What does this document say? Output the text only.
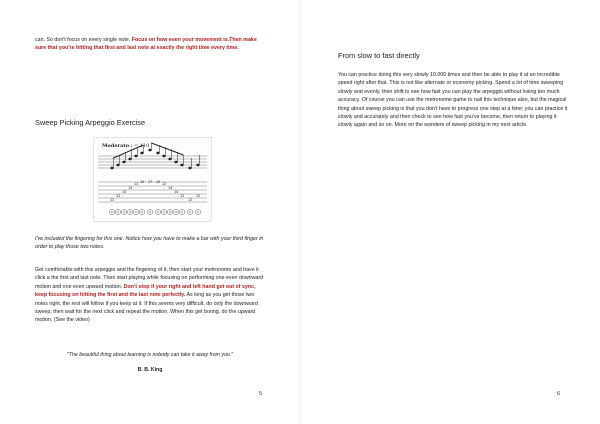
can. So don't focus on every single note. Focus on how even your movement is.Then make sure that you're hitting that first and last note at exactly the right time every time.

Sweep Picking Arpeggio Exercise
Moderato ♩ = 110
12
12
14
14
12 15 17 15 12
14
14
12
12
12
1 1 3 3 1 2 4 2 1 3 3 1 1 1

I've included the fingering for this one. Notice how you have to make a bar with your third finger in order to play those two notes.

Get comfortable with this arpeggio and the fingering of it, then start your metronome and have it click a the first and last note. Then start playing while focusing on performing one even downward motion and one even upward motion. Don't stop if your right and left hand get out of sync, keep focusing on hitting the first and the last note perfectly. As long as you get those two notes right, the rest will follow if you keep at it. If this seems very difficult, do only the downward sweep, then wait for the next click and repeat the motion. When this get boring, do the upward motion. (See the video)

"The beautiful thing about learning is nobody can take it away from you."
B. B. King
5
From slow to fast directly

You can practice doing this very slowly 10.000 times and then be able to play it at an incredible speed right after that. This is not like alternate or economy picking. Spend a lot of time sweeping slowly and evenly, then shift to see how fast you can play the arpeggio without losing too much accuracy. Of course you can use the metronome game to nail this technique also, but the magical thing about sweep picking is that you don't have to progress one step at a time; you can practice it slowly and accurately and then check to see how fast you've become, then return to playing it slowly again and so on. More on the wonders of sweep picking in my next article.

6
